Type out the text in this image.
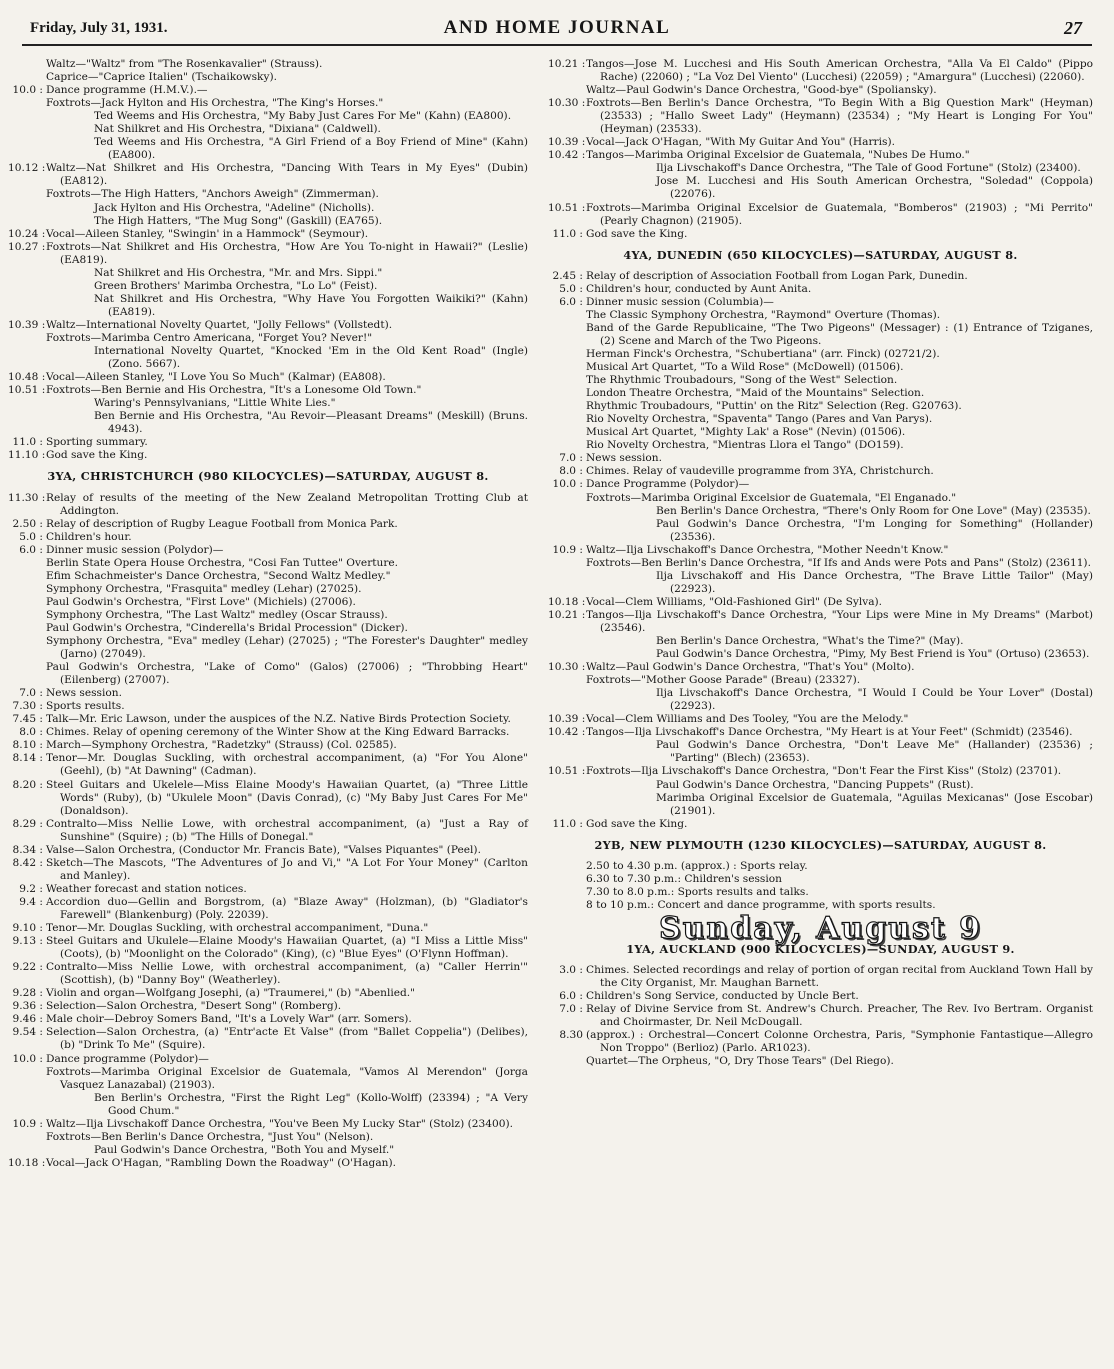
Friday, July 31, 1931.	AND HOME JOURNAL	27
Waltz—"Waltz" from "The Rosenkavalier" (Strauss).
Caprice—"Caprice Italien" (Tschaikowsky).
10.0 : Dance programme (H.M.V.).—
Foxtrots—Jack Hylton and His Orchestra, "The King's Horses."
Ted Weems and His Orchestra, "My Baby Just Cares For Me" (Kahn) (EA800).
Nat Shilkret and His Orchestra, "Dixiana" (Caldwell).
Ted Weems and His Orchestra, "A Girl Friend of a Boy Friend of Mine" (Kahn) (EA800).
10.12 : Waltz—Nat Shilkret and His Orchestra, "Dancing With Tears in My Eyes" (Dubin) (EA812).
Foxtrots—The High Hatters, "Anchors Aweigh" (Zimmerman).
Jack Hylton and His Orchestra, "Adeline" (Nicholls).
The High Hatters, "The Mug Song" (Gaskill) (EA765).
10.24 : Vocal—Aileen Stanley, "Swingin' in a Hammock" (Seymour).
10.27 : Foxtrots—Nat Shilkret and His Orchestra, "How Are You To-night in Hawaii?" (Leslie) (EA819).
Nat Shilkret and His Orchestra, "Mr. and Mrs. Sippi."
Green Brothers' Marimba Orchestra, "Lo Lo" (Feist).
Nat Shilkret and His Orchestra, "Why Have You Forgotten Waikiki?" (Kahn) (EA819).
10.39 : Waltz—International Novelty Quartet, "Jolly Fellows" (Vollstedt).
Foxtrots—Marimba Centro Americana, "Forget You? Never!"
International Novelty Quartet, "Knocked 'Em in the Old Kent Road" (Ingle) (Zono. 5667).
10.48 : Vocal—Aileen Stanley, "I Love You So Much" (Kalmar) (EA808).
10.51 : Foxtrots—Ben Bernie and His Orchestra, "It's a Lonesome Old Town."
Waring's Pennsylvanians, "Little White Lies."
Ben Bernie and His Orchestra, "Au Revoir—Pleasant Dreams" (Meskill) (Bruns. 4943).
11.0 : Sporting summary.
11.10 : God save the King.
3YA, CHRISTCHURCH (980 KILOCYCLES)—SATURDAY, AUGUST 8.
11.30 : Relay of results of the meeting of the New Zealand Metropolitan Trotting Club at Addington.
2.50 : Relay of description of Rugby League Football from Monica Park.
5.0 : Children's hour.
6.0 : Dinner music session (Polydor)—
Berlin State Opera House Orchestra, "Cosi Fan Tuttee" Overture.
Efim Schachmeister's Dance Orchestra, "Second Waltz Medley."
Symphony Orchestra, "Frasquita" medley (Lehar) (27025).
Paul Godwin's Orchestra, "First Love" (Michiels) (27006).
Symphony Orchestra, "The Last Waltz" medley (Oscar Strauss).
Paul Godwin's Orchestra, "Cinderella's Bridal Procession" (Dicker).
Symphony Orchestra, "Eva" medley (Lehar) (27025) ; "The Forester's Daughter" medley (Jarno) (27049).
Paul Godwin's Orchestra, "Lake of Como" (Galos) (27006) ; "Throbbing Heart" (Eilenberg) (27007).
7.0 : News session.
7.30 : Sports results.
7.45 : Talk—Mr. Eric Lawson, under the auspices of the N.Z. Native Birds Protection Society.
8.0 : Chimes. Relay of opening ceremony of the Winter Show at the King Edward Barracks.
8.10 : March—Symphony Orchestra, "Radetzky" (Strauss) (Col. 02585).
8.14 : Tenor—Mr. Douglas Suckling, with orchestral accompaniment, (a) "For You Alone" (Geehl), (b) "At Dawning" (Cadman).
8.20 : Steel Guitars and Ukelele—Miss Elaine Moody's Hawaiian Quartet, (a) "Three Little Words" (Ruby), (b) "Ukulele Moon" (Davis Conrad), (c) "My Baby Just Cares For Me" (Donaldson).
8.29 : Contralto—Miss Nellie Lowe, with orchestral accompaniment, (a) "Just a Ray of Sunshine" (Squire) ; (b) "The Hills of Donegal."
8.34 : Valse—Salon Orchestra, (Conductor Mr. Francis Bate), "Valses Piquantes" (Peel).
8.42 : Sketch—The Mascots, "The Adventures of Jo and Vi," "A Lot For Your Money" (Carlton and Manley).
9.2 : Weather forecast and station notices.
9.4 : Accordion duo—Gellin and Borgstrom, (a) "Blaze Away" (Holzman), (b) "Gladiator's Farewell" (Blankenburg) (Poly. 22039).
9.10 : Tenor—Mr. Douglas Suckling, with orchestral accompaniment, "Duna."
9.13 : Steel Guitars and Ukulele—Elaine Moody's Hawaiian Quartet, (a) "I Miss a Little Miss" (Coots), (b) "Moonlight on the Colorado" (King), (c) "Blue Eyes" (O'Flynn Hoffman).
9.22 : Contralto—Miss Nellie Lowe, with orchestral accompaniment, (a) "Caller Herrin'" (Scottish), (b) "Danny Boy" (Weatherley).
9.28 : Violin and organ—Wolfgang Josephi, (a) "Traumerei," (b) "Abenlied."
9.36 : Selection—Salon Orchestra, "Desert Song" (Romberg).
9.46 : Male choir—Debroy Somers Band, "It's a Lovely War" (arr. Somers).
9.54 : Selection—Salon Orchestra, (a) "Entr'acte Et Valse" (from "Ballet Coppelia") (Delibes), (b) "Drink To Me" (Squire).
10.0 : Dance programme (Polydor)—
Foxtrots—Marimba Original Excelsior de Guatemala, "Vamos Al Merendon" (Jorga Vasquez Lanazabal) (21903).
Ben Berlin's Orchestra, "First the Right Leg" (Kollo-Wolff) (23394) ; "A Very Good Chum."
10.9 : Waltz—Ilja Livschakoff Dance Orchestra, "You've Been My Lucky Star" (Stolz) (23400).
Foxtrots—Ben Berlin's Dance Orchestra, "Just You" (Nelson).
Paul Godwin's Dance Orchestra, "Both You and Myself."
10.18 : Vocal—Jack O'Hagan, "Rambling Down the Roadway" (O'Hagan).
10.21 : Tangos—Jose M. Lucchesi and His South American Orchestra, "Alla Va El Caldo" (Pippo Rache) (22060) ; "La Voz Del Viento" (Lucchesi) (22059) ; "Amargura" (Lucchesi) (22060).
Waltz—Paul Godwin's Dance Orchestra, "Good-bye" (Spoliansky).
10.30 : Foxtrots—Ben Berlin's Dance Orchestra, "To Begin With a Big Question Mark" (Heyman) (23533) ; "Hallo Sweet Lady" (Heymann) (23534) ; "My Heart is Longing For You" (Heyman) (23533).
10.39 : Vocal—Jack O'Hagan, "With My Guitar And You" (Harris).
10.42 : Tangos—Marimba Original Excelsior de Guatemala, "Nubes De Humo."
Ilja Livschakoff's Dance Orchestra, "The Tale of Good Fortune" (Stolz) (23400).
Jose M. Lucchesi and His South American Orchestra, "Soledad" (Coppola) (22076).
10.51 : Foxtrots—Marimba Original Excelsior de Guatemala, "Bomberos" (21903) ; "Mi Perrito" (Pearly Chagnon) (21905).
11.0 : God save the King.
4YA, DUNEDIN (650 KILOCYCLES)—SATURDAY, AUGUST 8.
2.45 : Relay of description of Association Football from Logan Park, Dunedin.
5.0 : Children's hour, conducted by Aunt Anita.
6.0 : Dinner music session (Columbia)—
The Classic Symphony Orchestra, "Raymond" Overture (Thomas).
Band of the Garde Republicaine, "The Two Pigeons" (Messager) : (1) Entrance of Tziganes, (2) Scene and March of the Two Pigeons.
Herman Finck's Orchestra, "Schubertiana" (arr. Finck) (02721/2).
Musical Art Quartet, "To a Wild Rose" (McDowell) (01506).
The Rhythmic Troubadours, "Song of the West" Selection.
London Theatre Orchestra, "Maid of the Mountains" Selection.
Rhythmic Troubadours, "Puttin' on the Ritz" Selection (Reg. G20763).
Rio Novelty Orchestra, "Spaventa" Tango (Pares and Van Parys).
Musical Art Quartet, "Mighty Lak' a Rose" (Nevin) (01506).
Rio Novelty Orchestra, "Mientras Llora el Tango" (DO159).
7.0 : News session.
8.0 : Chimes. Relay of vaudeville programme from 3YA, Christchurch.
10.0 : Dance Programme (Polydor)—
Foxtrots—Marimba Original Excelsior de Guatemala, "El Enganado."
Ben Berlin's Dance Orchestra, "There's Only Room for One Love" (May) (23535).
Paul Godwin's Dance Orchestra, "I'm Longing for Something" (Hollander) (23536).
10.9 : Waltz—Ilja Livschakoff's Dance Orchestra, "Mother Needn't Know."
Foxtrots—Ben Berlin's Dance Orchestra, "If Ifs and Ands were Pots and Pans" (Stolz) (23611).
Ilja Livschakoff and His Dance Orchestra, "The Brave Little Tailor" (May) (22923).
10.18 : Vocal—Clem Williams, "Old-Fashioned Girl" (De Sylva).
10.21 : Tangos—Ilja Livschakoff's Dance Orchestra, "Your Lips were Mine in My Dreams" (Marbot) (23546).
Ben Berlin's Dance Orchestra, "What's the Time?" (May).
Paul Godwin's Dance Orchestra, "Pimy, My Best Friend is You" (Ortuso) (23653).
10.30 : Waltz—Paul Godwin's Dance Orchestra, "That's You" (Molto).
Foxtrots—"Mother Goose Parade" (Breau) (23327).
Ilja Livschakoff's Dance Orchestra, "I Would I Could be Your Lover" (Dostal) (22923).
10.39 : Vocal—Clem Williams and Des Tooley, "You are the Melody."
10.42 : Tangos—Ilja Livschakoff's Dance Orchestra, "My Heart is at Your Feet" (Schmidt) (23546).
Paul Godwin's Dance Orchestra, "Don't Leave Me" (Hallander) (23536) ; "Parting" (Blech) (23653).
10.51 : Foxtrots—Ilja Livschakoff's Dance Orchestra, "Don't Fear the First Kiss" (Stolz) (23701).
Paul Godwin's Dance Orchestra, "Dancing Puppets" (Rust).
Marimba Original Excelsior de Guatemala, "Aguilas Mexicanas" (Jose Escobar) (21901).
11.0 : God save the King.
2YB, NEW PLYMOUTH (1230 KILOCYCLES)—SATURDAY, AUGUST 8.
2.50 to 4.30 p.m. (approx.) : Sports relay.
6.30 to 7.30 p.m.: Children's session
7.30 to 8.0 p.m.: Sports results and talks.
8 to 10 p.m.: Concert and dance programme, with sports results.
Sunday, August 9
1YA, AUCKLAND (900 KILOCYCLES)—SUNDAY, AUGUST 9.
3.0 : Chimes. Selected recordings and relay of portion of organ recital from Auckland Town Hall by the City Organist, Mr. Maughan Barnett.
6.0 : Children's Song Service, conducted by Uncle Bert.
7.0 : Relay of Divine Service from St. Andrew's Church. Preacher, The Rev. Ivo Bertram. Organist and Choirmaster, Dr. Neil McDougall.
8.30 (approx.) : Orchestral—Concert Colonne Orchestra, Paris, "Symphonie Fantastique—Allegro Non Troppo" (Berlioz) (Parlo. AR1023).
Quartet—The Orpheus, "O, Dry Those Tears" (Del Riego).
